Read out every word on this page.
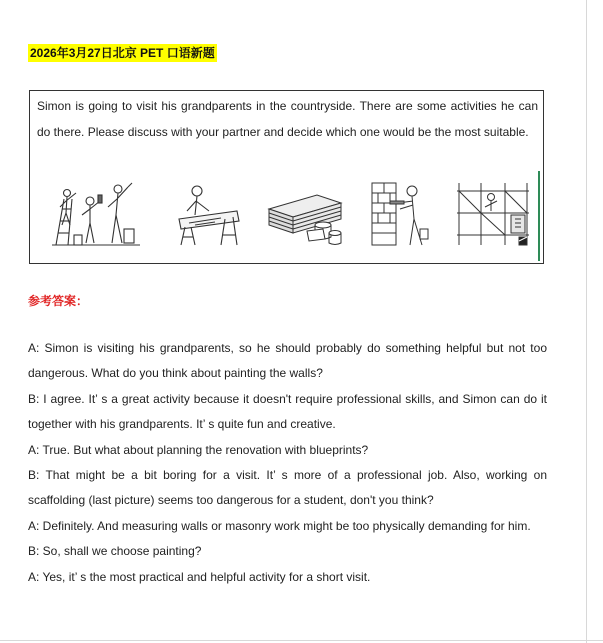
2026年3月27日北京 PET 口语新题

Simon is going to visit his grandparents in the countryside. There are some activities he can do there. Please discuss with your partner and decide which one would be the most suitable.

参考答案：

A: Simon is visiting his grandparents, so he should probably do something helpful but not too dangerous. What do you think about painting the walls?

B: I agree. It’ s a great activity because it doesn't require professional skills, and Simon can do it together with his grandparents. It’ s quite fun and creative.

A: True. But what about planning the renovation with blueprints?

B: That might be a bit boring for a visit. It’ s more of a professional job. Also, working on scaffolding (last picture) seems too dangerous for a student, don't you think?

A: Definitely. And measuring walls or masonry work might be too physically demanding for him.

B: So, shall we choose painting?

A: Yes, it’ s the most practical and helpful activity for a short visit.
